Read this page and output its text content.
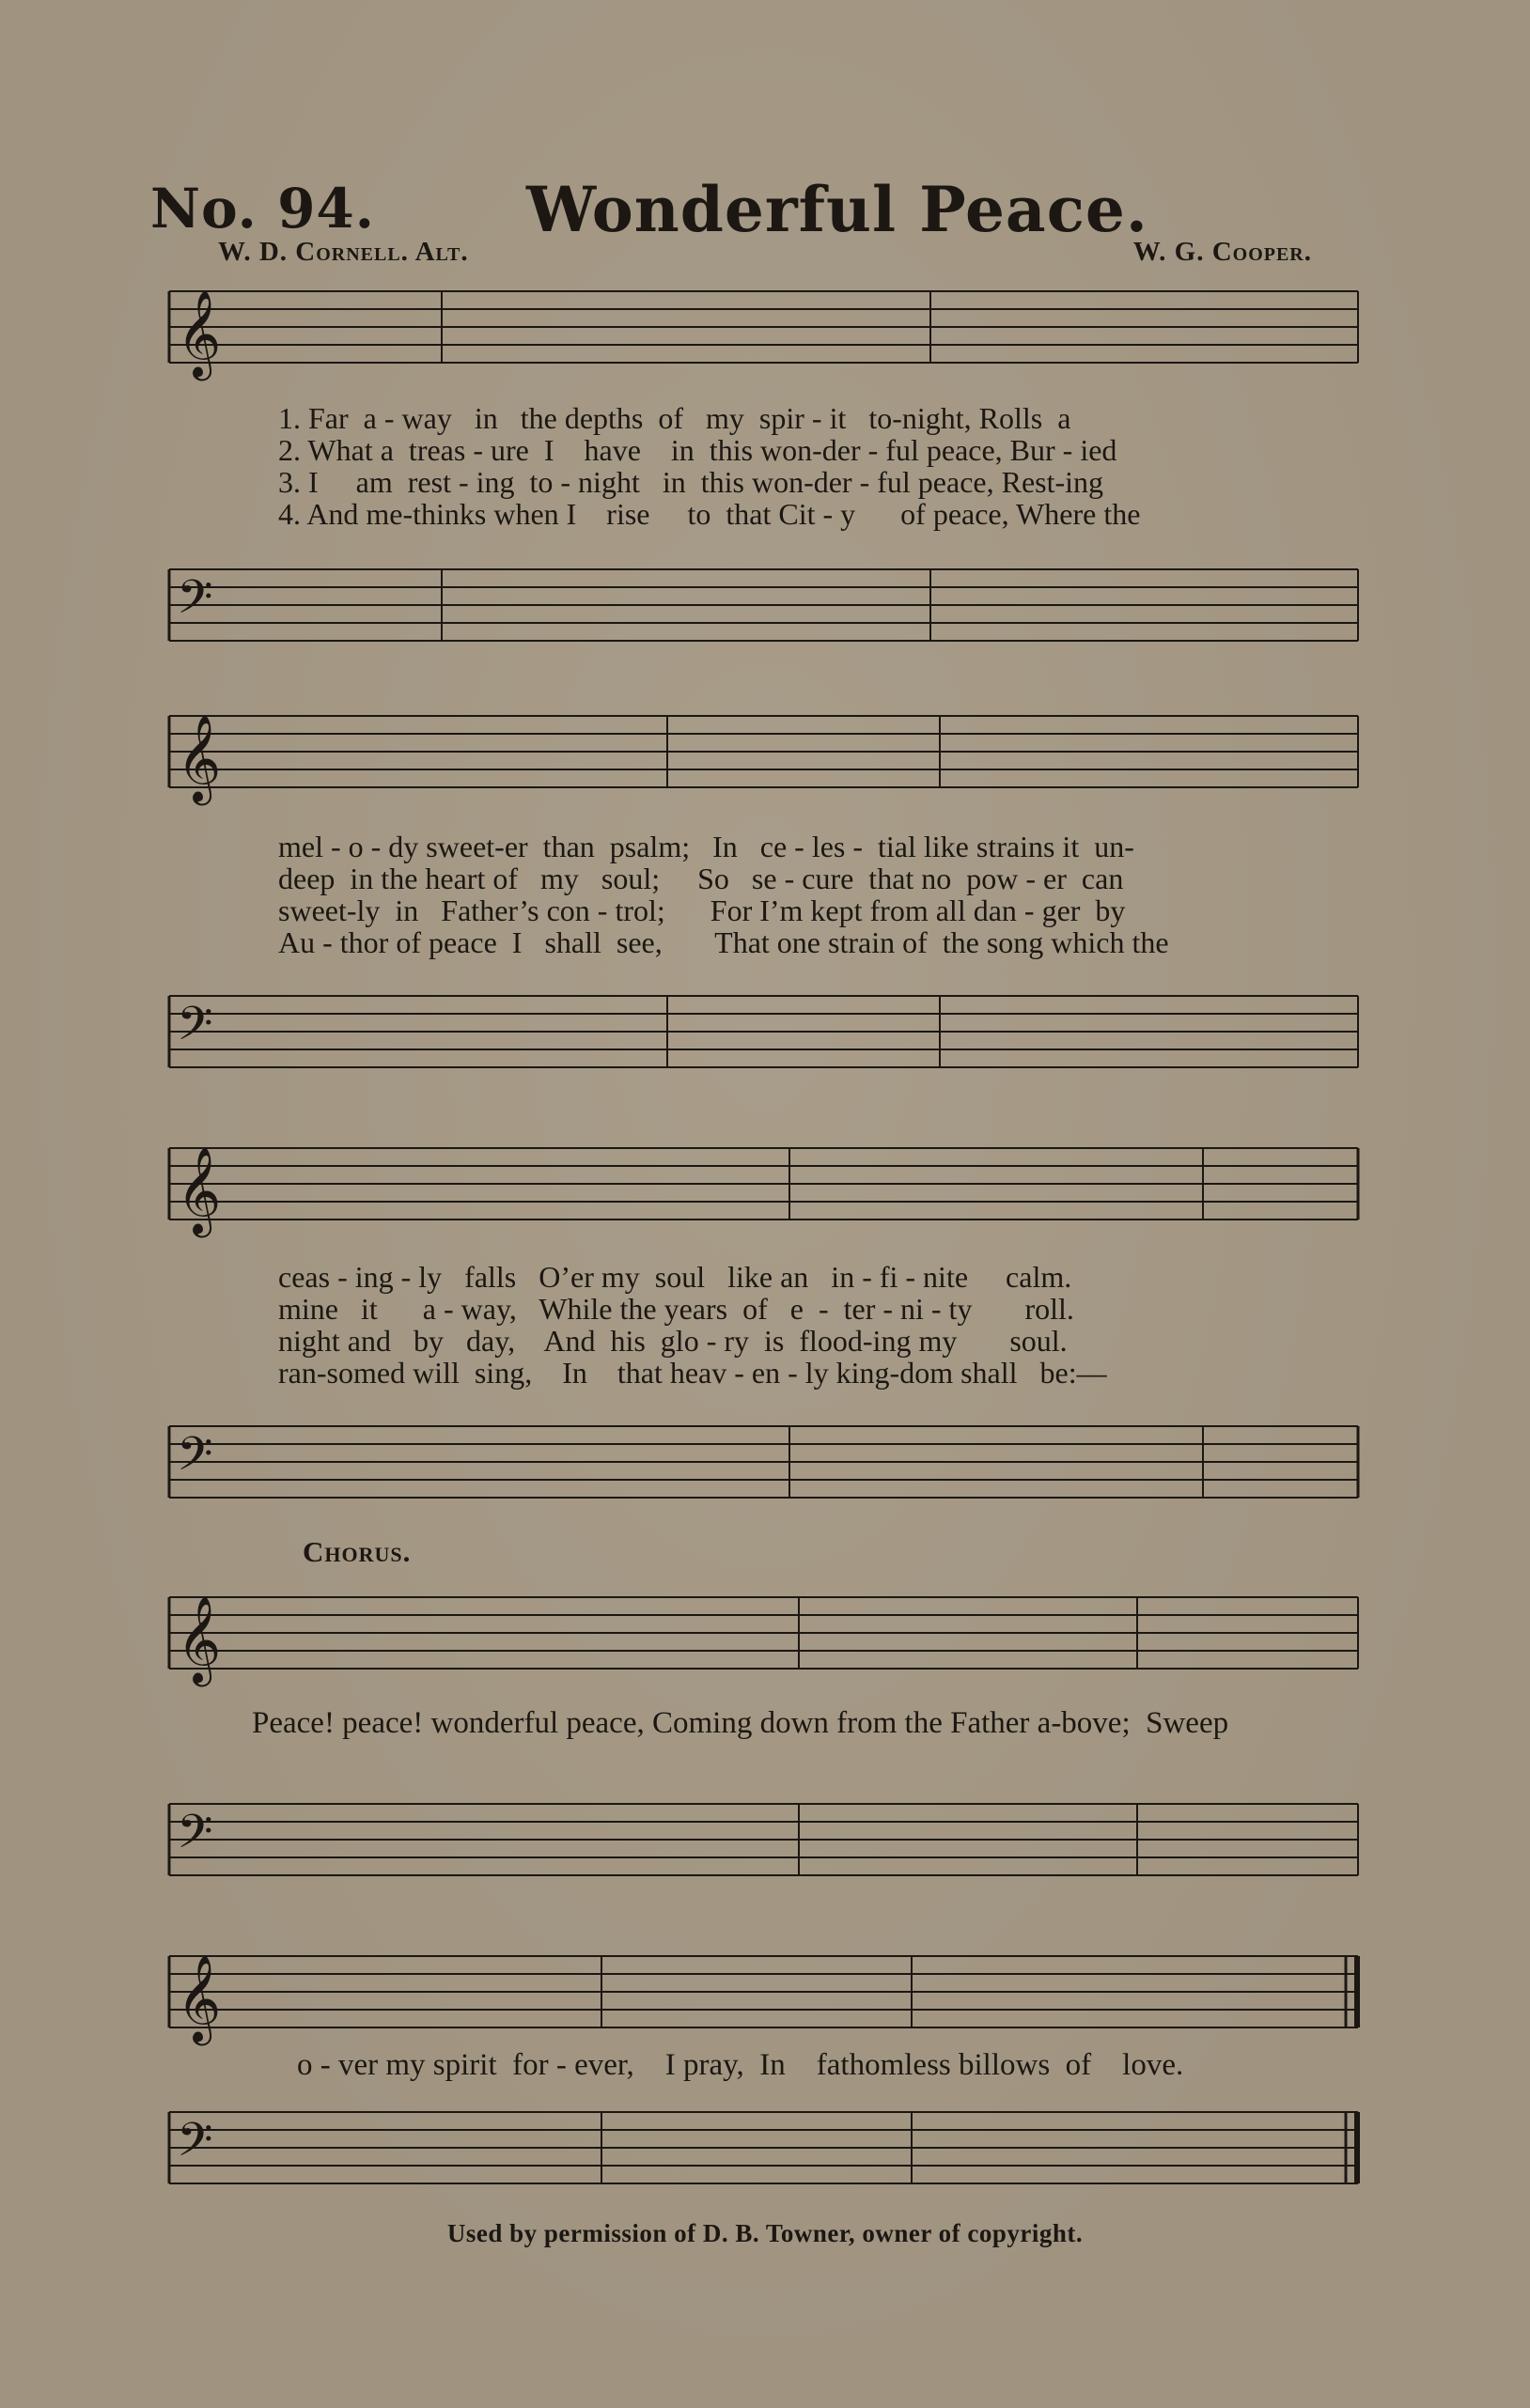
No. 94. Wonderful Peace.
W. D. Cornell. Alt.	W. G. Cooper.
𝄞
1. Far  a - way   in   the depths  of   my  spir - it   to-night, Rolls  a
2. What a  treas - ure  I    have    in  this won-der - ful peace, Bur - ied
3. I     am  rest - ing  to - night   in  this won-der - ful peace, Rest-ing
4. And me-thinks when I    rise     to  that Cit - y      of peace, Where the
𝄢
𝄞
mel - o - dy sweet-er  than  psalm;   In   ce - les -  tial like strains it  un-
deep  in the heart of   my   soul;     So   se - cure  that no  pow - er  can
sweet-ly  in   Father’s con - trol;      For I’m kept from all dan - ger  by
Au - thor of peace  I   shall  see,       That one strain of  the song which the
𝄢
𝄞
ceas - ing - ly   falls   O’er my  soul   like an   in - fi - nite     calm.
mine   it      a - way,   While the years  of   e  -  ter - ni - ty       roll.
night and   by   day,    And  his  glo - ry  is  flood-ing my       soul.
ran-somed will  sing,    In    that heav - en - ly king-dom shall   be:—
𝄢
Chorus.
𝄞
Peace! peace! wonderful peace, Coming down from the Father a-bove;  Sweep
𝄢
𝄞
o - ver my spirit  for - ever,    I pray,  In    fathomless billows  of    love.
𝄢
Used by permission of D. B. Towner, owner of copyright.
